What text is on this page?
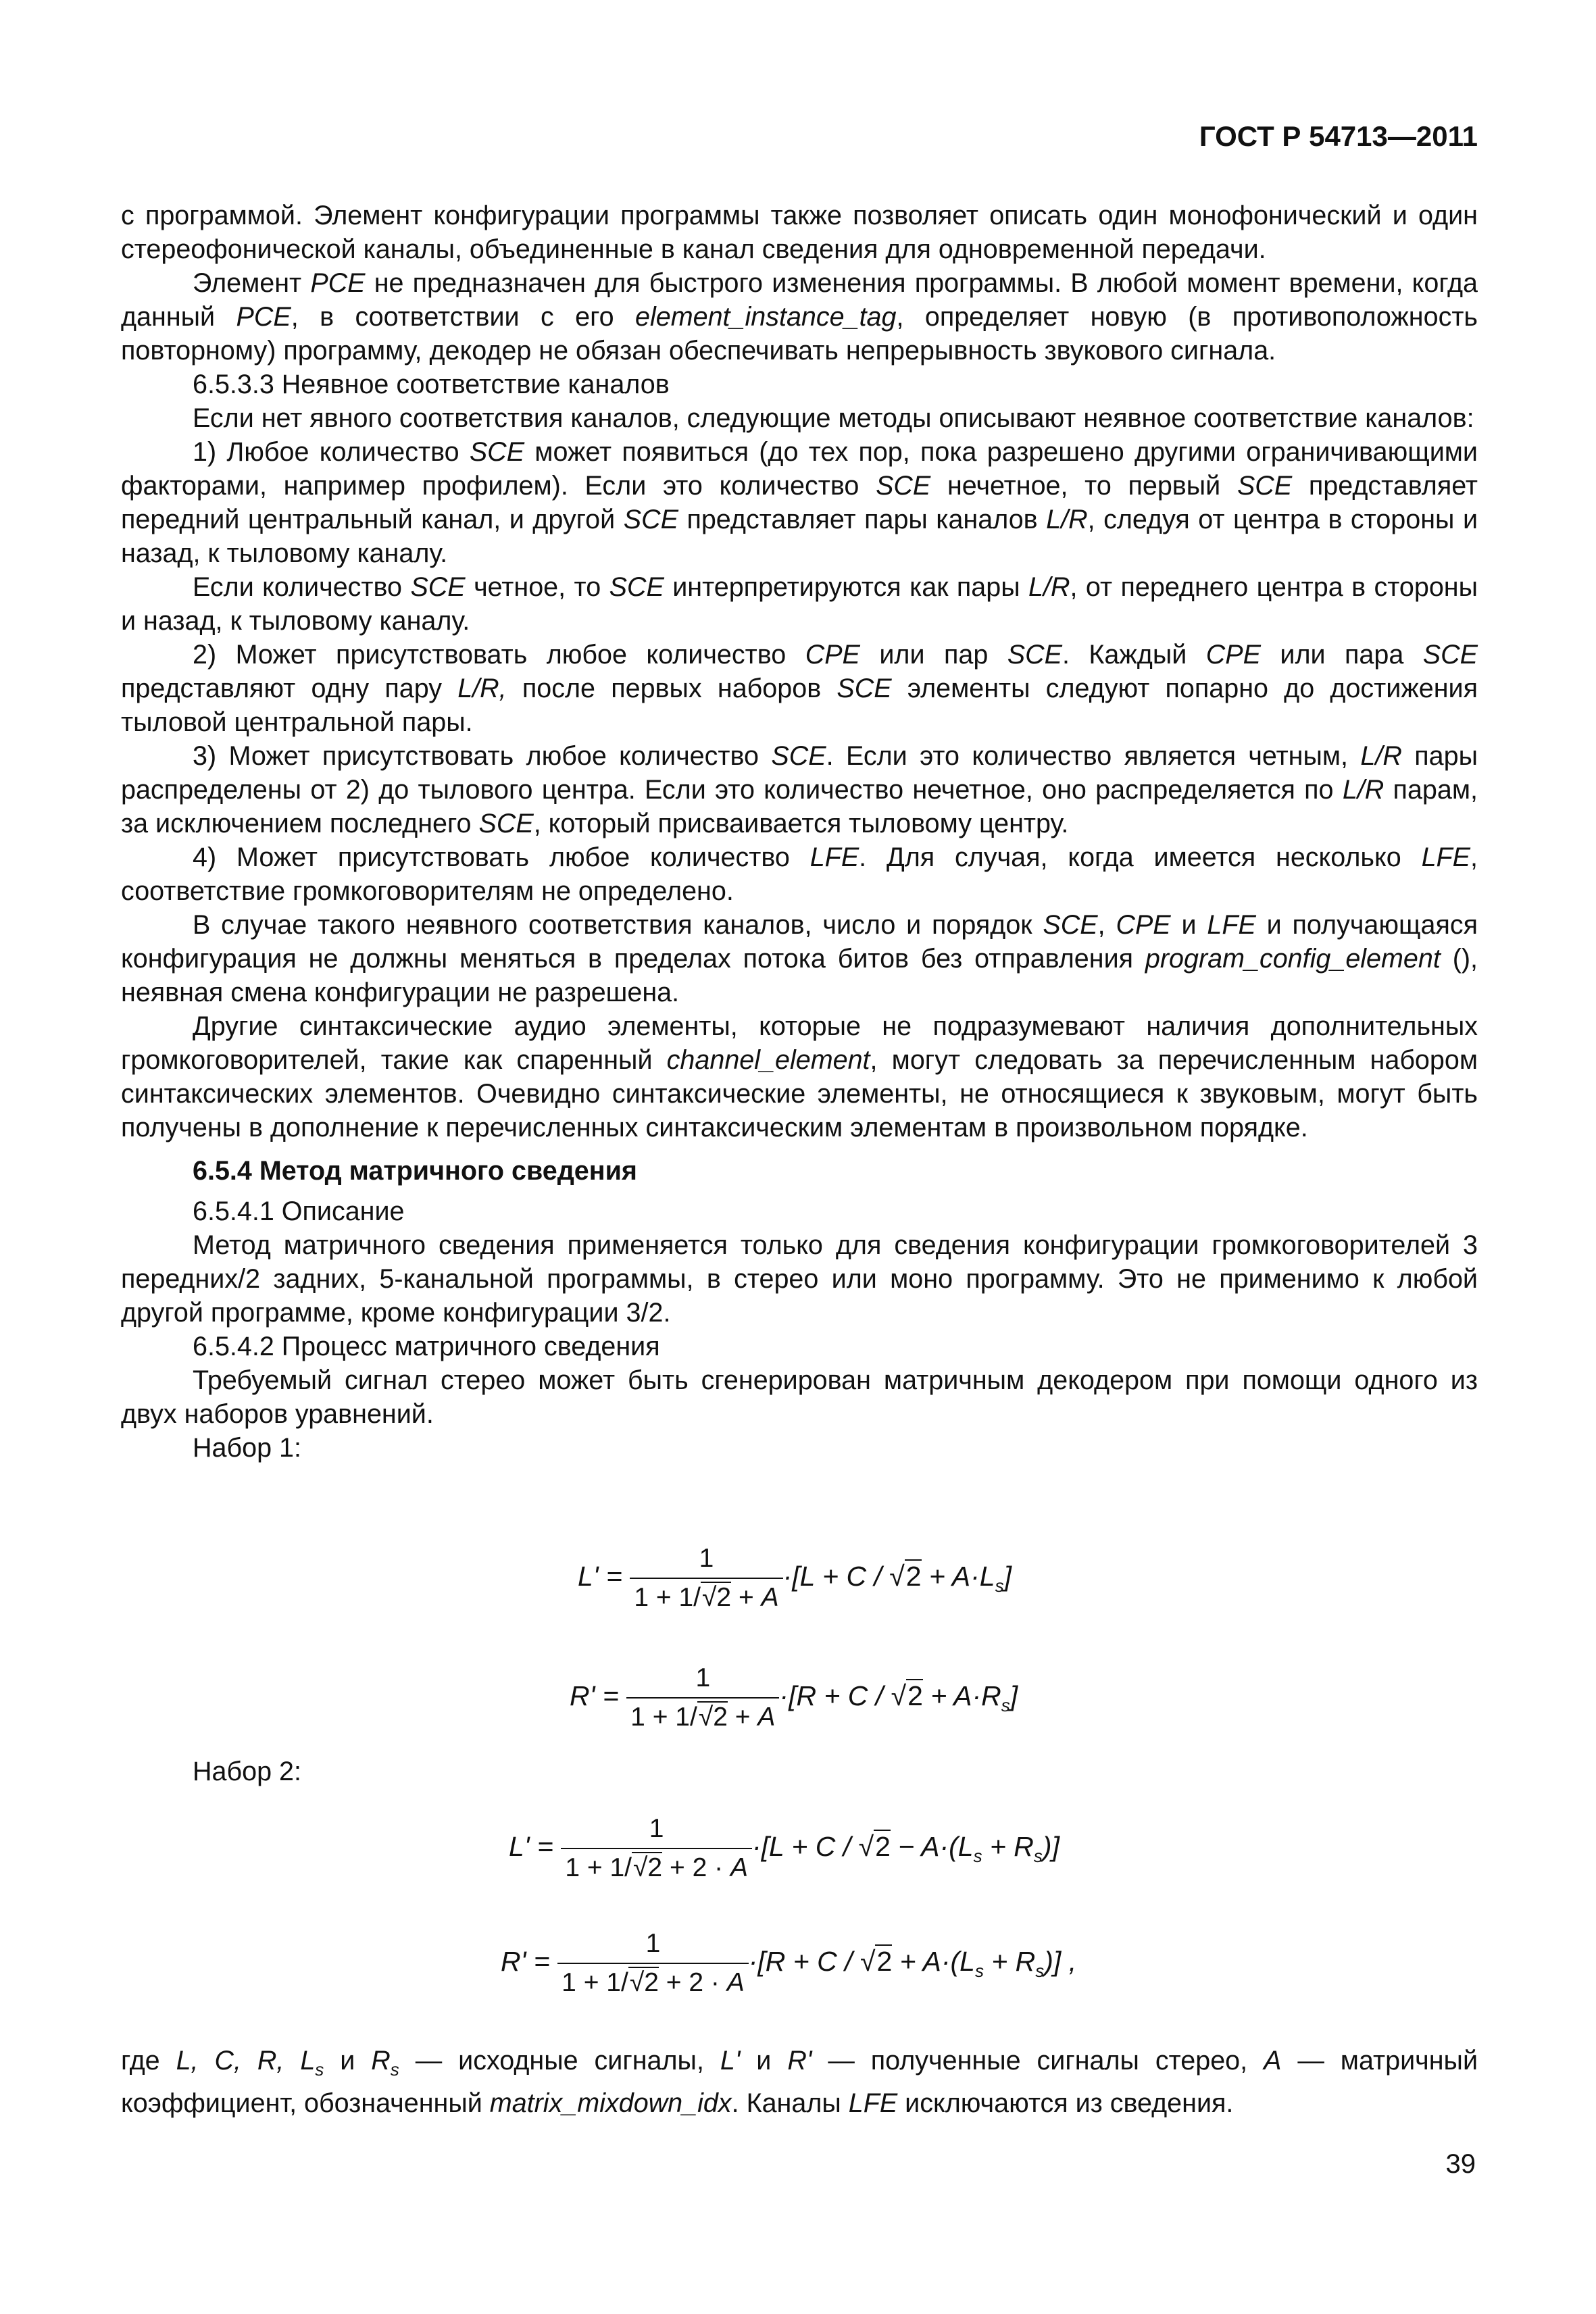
ГОСТ Р 54713—2011

с программой. Элемент конфигурации программы также позволяет описать один монофонический и один стереофонической каналы, объединенные в канал сведения для одновременной передачи.

Элемент PCE не предназначен для быстрого изменения программы. В любой момент времени, когда данный PCE, в соответствии с его element_instance_tag, определяет новую (в противоположность повторному) программу, декодер не обязан обеспечивать непрерывность звукового сигнала.

6.5.3.3 Неявное соответствие каналов

Если нет явного соответствия каналов, следующие методы описывают неявное соответствие каналов:

1) Любое количество SCE может появиться (до тех пор, пока разрешено другими ограничивающими факторами, например профилем). Если это количество SCE нечетное, то первый SCE представляет передний центральный канал, и другой SCE представляет пары каналов L/R, следуя от центра в стороны и назад, к тыловому каналу.

Если количество SCE четное, то SCE интерпретируются как пары L/R, от переднего центра в стороны и назад, к тыловому каналу.

2) Может присутствовать любое количество CPE или пар SCE. Каждый CPE или пара SCE представляют одну пару L/R, после первых наборов SCE элементы следуют попарно до достижения тыловой центральной пары.

3) Может присутствовать любое количество SCE. Если это количество является четным, L/R пары распределены от 2) до тылового центра. Если это количество нечетное, оно распределяется по L/R парам, за исключением последнего SCE, который присваивается тыловому центру.

4) Может присутствовать любое количество LFE. Для случая, когда имеется несколько LFE, соответствие громкоговорителям не определено.

В случае такого неявного соответствия каналов, число и порядок SCE, CPE и LFE и получающаяся конфигурация не должны меняться в пределах потока битов без отправления program_config_element (), неявная смена конфигурации не разрешена.

Другие синтаксические аудио элементы, которые не подразумевают наличия дополнительных громкоговорителей, такие как спаренный channel_element, могут следовать за перечисленным набором синтаксических элементов. Очевидно синтаксические элементы, не относящиеся к звуковым, могут быть получены в дополнение к перечисленных синтаксическим элементам в произвольном порядке.

6.5.4 Метод матричного сведения

6.5.4.1 Описание

Метод матричного сведения применяется только для сведения конфигурации громкоговорителей 3 передних/2 задних, 5-канальной программы, в стерео или моно программу. Это не применимо к любой другой программе, кроме конфигурации 3/2.

6.5.4.2 Процесс матричного сведения

Требуемый сигнал стерео может быть сгенерирован матричным декодером при помощи одного из двух наборов уравнений.

Набор 1:

$L' = \frac{1}{1 + 1/√2 + A} \cdot[L + C / √2 + A\cdot L_s]$
$R' = \frac{1}{1 + 1/√2 + A} \cdot[R + C / √2 + A\cdot R_s]$
Набор 2:
$L' = \frac{1}{1 + 1/√2 + 2 \cdot A} \cdot[L + C / √2 - A\cdot(L_s + R_s)]$
$R' = \frac{1}{1 + 1/√2 + 2 \cdot A} \cdot[R + C / √2 + A\cdot(L_s + R_s)]$ ,

где L, C, R, $L_s$ и $R_s$ — исходные сигналы, L' и R' — полученные сигналы стерео, A — матричный коэффициент, обозначенный matrix_mixdown_idx. Каналы LFE исключаются из сведения.

39
